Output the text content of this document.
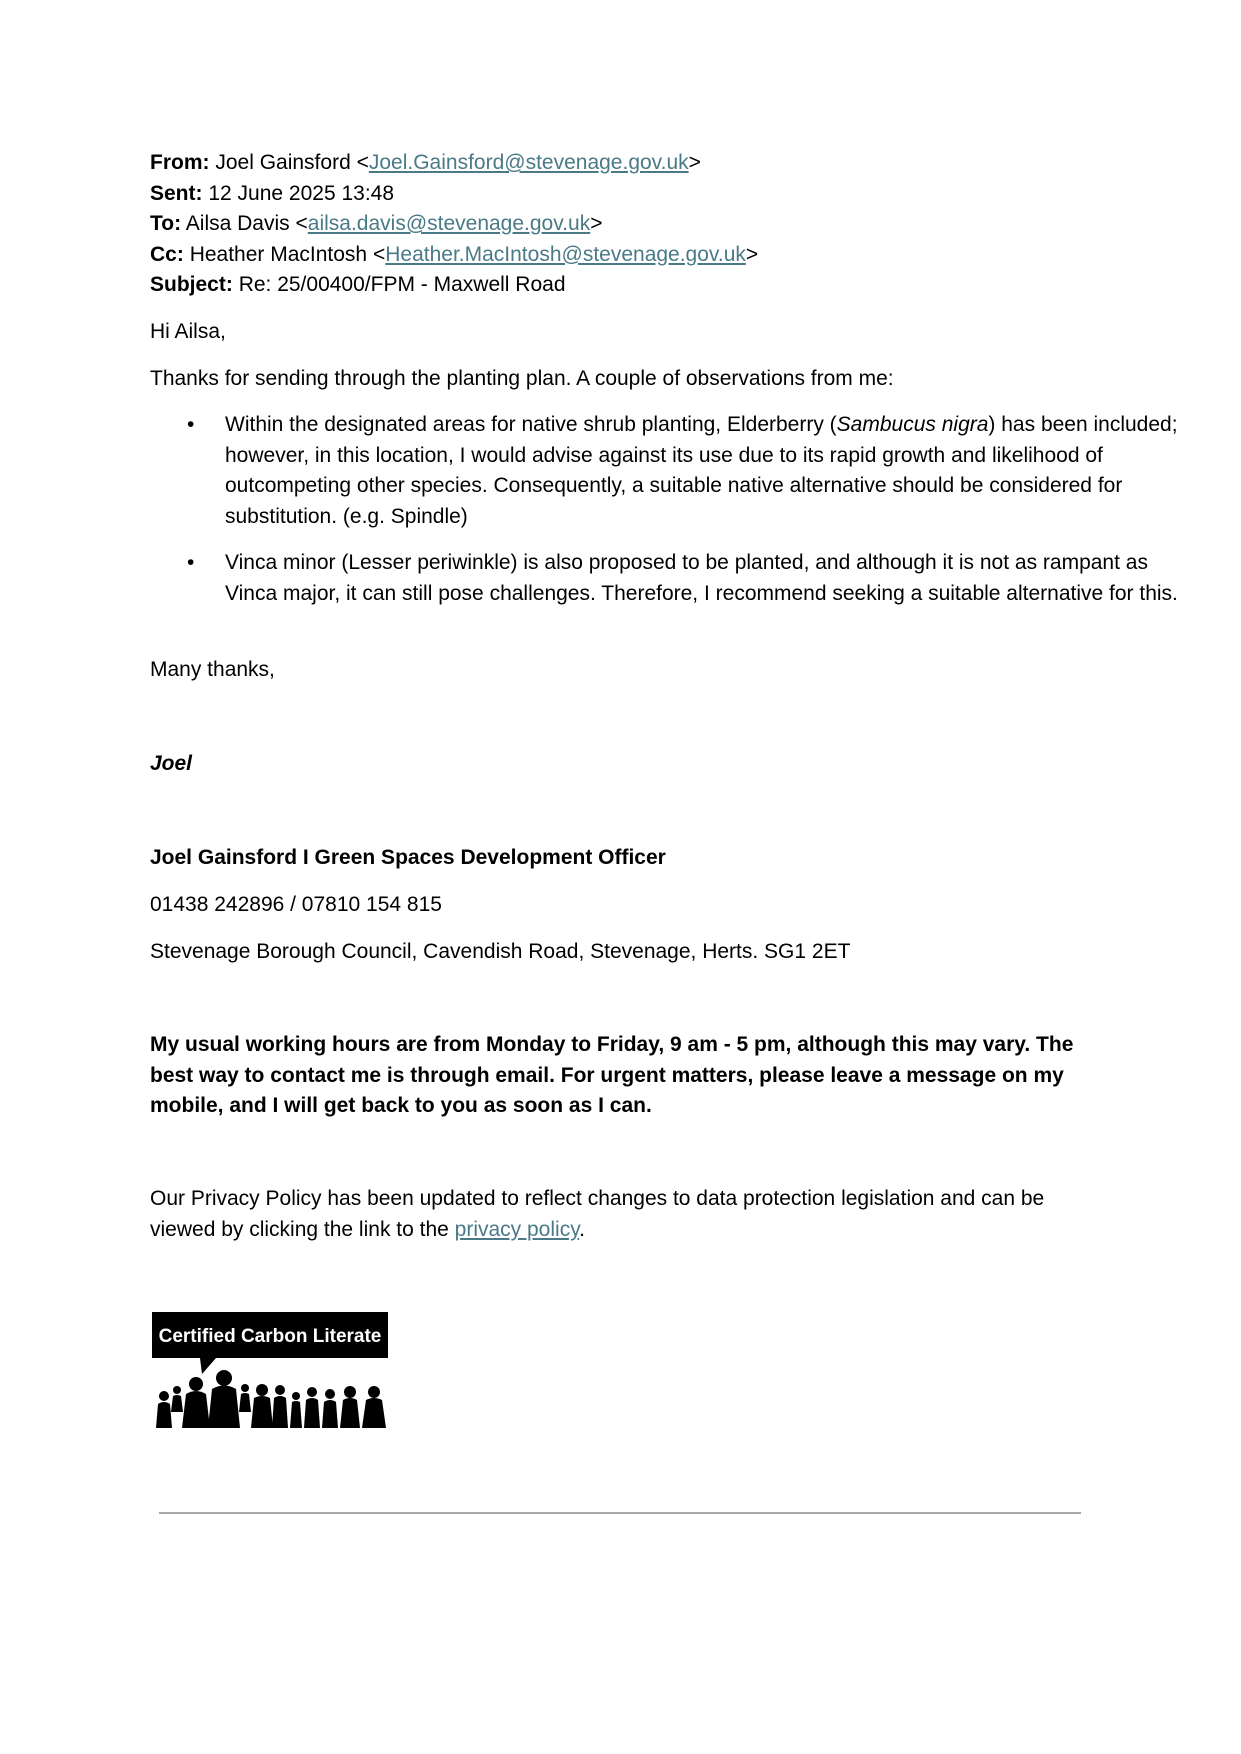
From: Joel Gainsford <Joel.Gainsford@stevenage.gov.uk>
Sent: 12 June 2025 13:48
To: Ailsa Davis <ailsa.davis@stevenage.gov.uk>
Cc: Heather MacIntosh <Heather.MacIntosh@stevenage.gov.uk>
Subject: Re: 25/00400/FPM - Maxwell Road
Hi Ailsa,
Thanks for sending through the planting plan. A couple of observations from me:
• Within the designated areas for native shrub planting, Elderberry (Sambucus nigra) has been included; however, in this location, I would advise against its use due to its rapid growth and likelihood of outcompeting other species. Consequently, a suitable native alternative should be considered for substitution. (e.g. Spindle)
• Vinca minor (Lesser periwinkle) is also proposed to be planted, and although it is not as rampant as Vinca major, it can still pose challenges. Therefore, I recommend seeking a suitable alternative for this.
Many thanks,
Joel
Joel Gainsford I Green Spaces Development Officer
01438 242896 / 07810 154 815
Stevenage Borough Council, Cavendish Road, Stevenage, Herts. SG1 2ET
My usual working hours are from Monday to Friday, 9 am - 5 pm, although this may vary. The best way to contact me is through email. For urgent matters, please leave a message on my mobile, and I will get back to you as soon as I can.
Our Privacy Policy has been updated to reflect changes to data protection legislation and can be viewed by clicking the link to the privacy policy.
Certified Carbon Literate
